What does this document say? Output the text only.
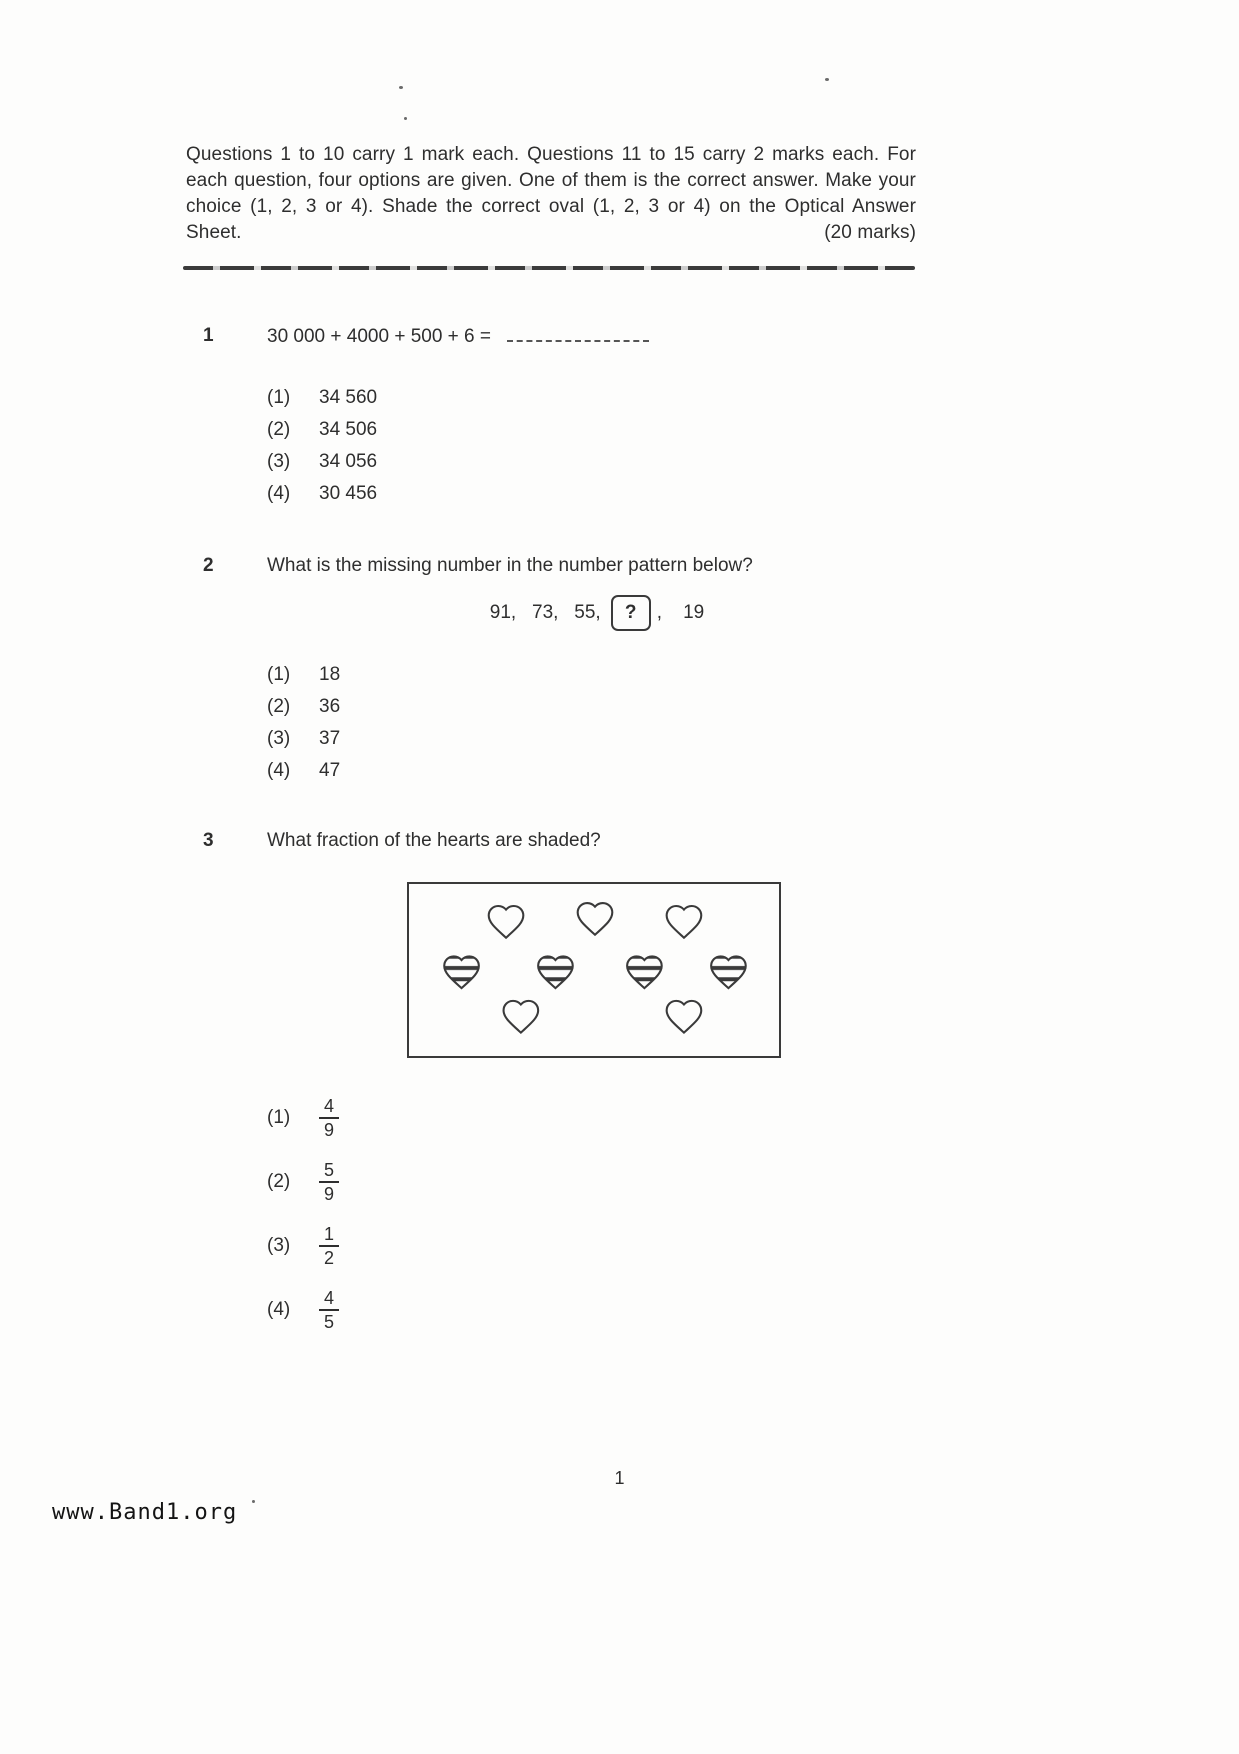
Questions 1 to 10 carry 1 mark each. Questions 11 to 15 carry 2 marks each. For each question, four options are given. One of them is the correct answer. Make your choice (1, 2, 3 or 4). Shade the correct oval (1, 2, 3 or 4) on the Optical Answer Sheet.	(20 marks)
1	30 000 + 4000 + 500 + 6 =
(1)	34 560
(2)	34 506
(3)	34 056
(4)	30 456
2	What is the missing number in the number pattern below?
91,   73,   55,	?	,    19
(1)	18
(2)	36
(3)	37
(4)	47
3	What fraction of the hearts are shaded?
(1)	$\frac{4}{9}$
(2)	$\frac{5}{9}$
(3)	$\frac{1}{2}$
(4)	$\frac{4}{5}$
1
www.Band1.org
